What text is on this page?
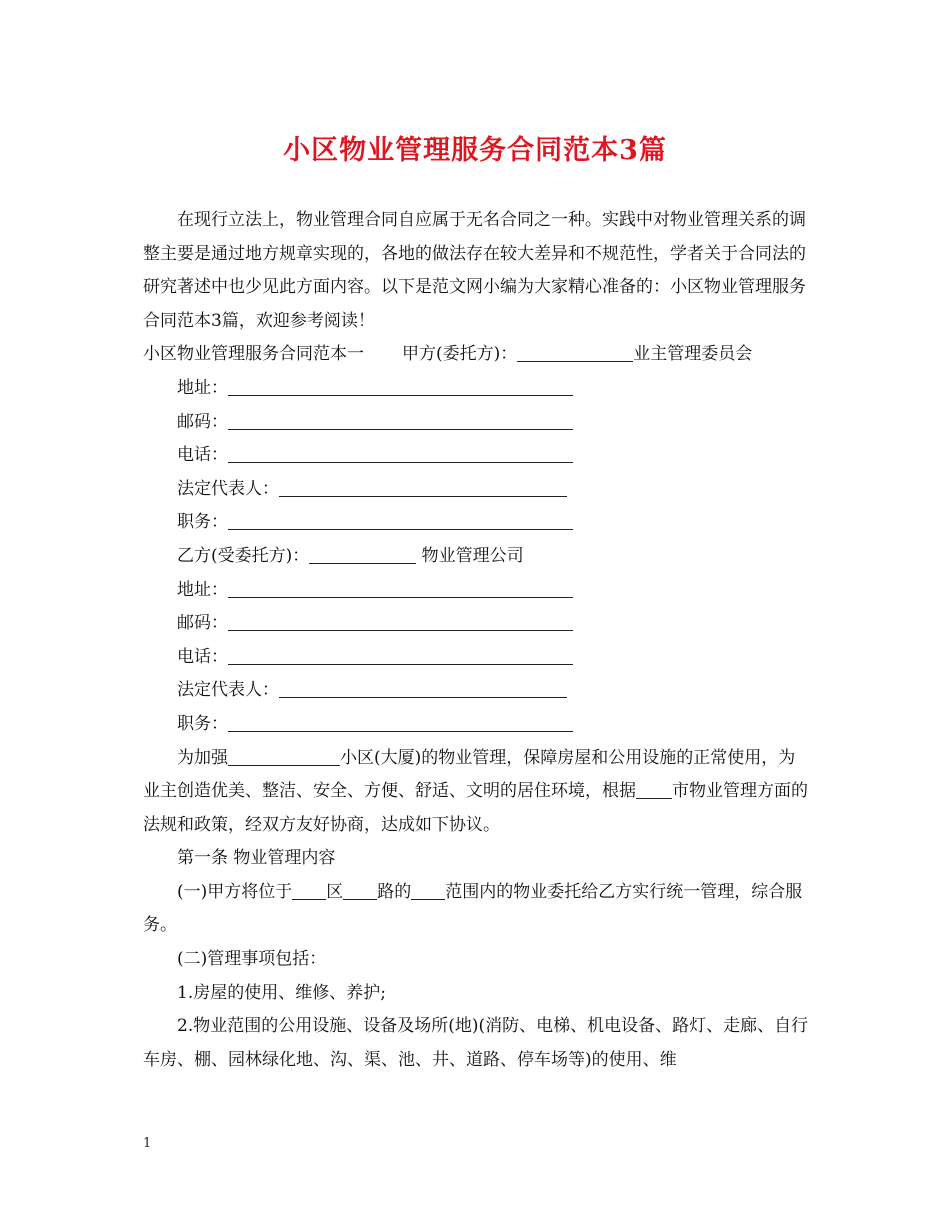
小区物业管理服务合同范本3篇

在现行立法上，物业管理合同自应属于无名合同之一种。实践中对物业管理关系的调整主要是通过地方规章实现的，各地的做法存在较大差异和不规范性，学者关于合同法的研究著述中也少见此方面内容。以下是范文网小编为大家精心准备的：小区物业管理服务合同范本3篇，欢迎参考阅读！

小区物业管理服务合同范本一 甲方(委托方)：	业主管理委员会
地址：
邮码：
电话：
法定代表人：
职务：
乙方(受委托方)：	物业管理公司
地址：
邮码：
电话：
法定代表人：
职务：

为加强	小区(大厦)的物业管理，保障房屋和公用设施的正常使用，为业主创造优美、整洁、安全、方便、舒适、文明的居住环境，根据 市物业管理方面的法规和政策，经双方友好协商，达成如下协议。

第一条 物业管理内容

(一)甲方将位于 区 路的 范围内的物业委托给乙方实行统一管理，综合服务。

(二)管理事项包括：

1.房屋的使用、维修、养护;

2.物业范围的公用设施、设备及场所(地)(消防、电梯、机电设备、路灯、走廊、自行车房、棚、园林绿化地、沟、渠、池、井、道路、停车场等)的使用、维

1
